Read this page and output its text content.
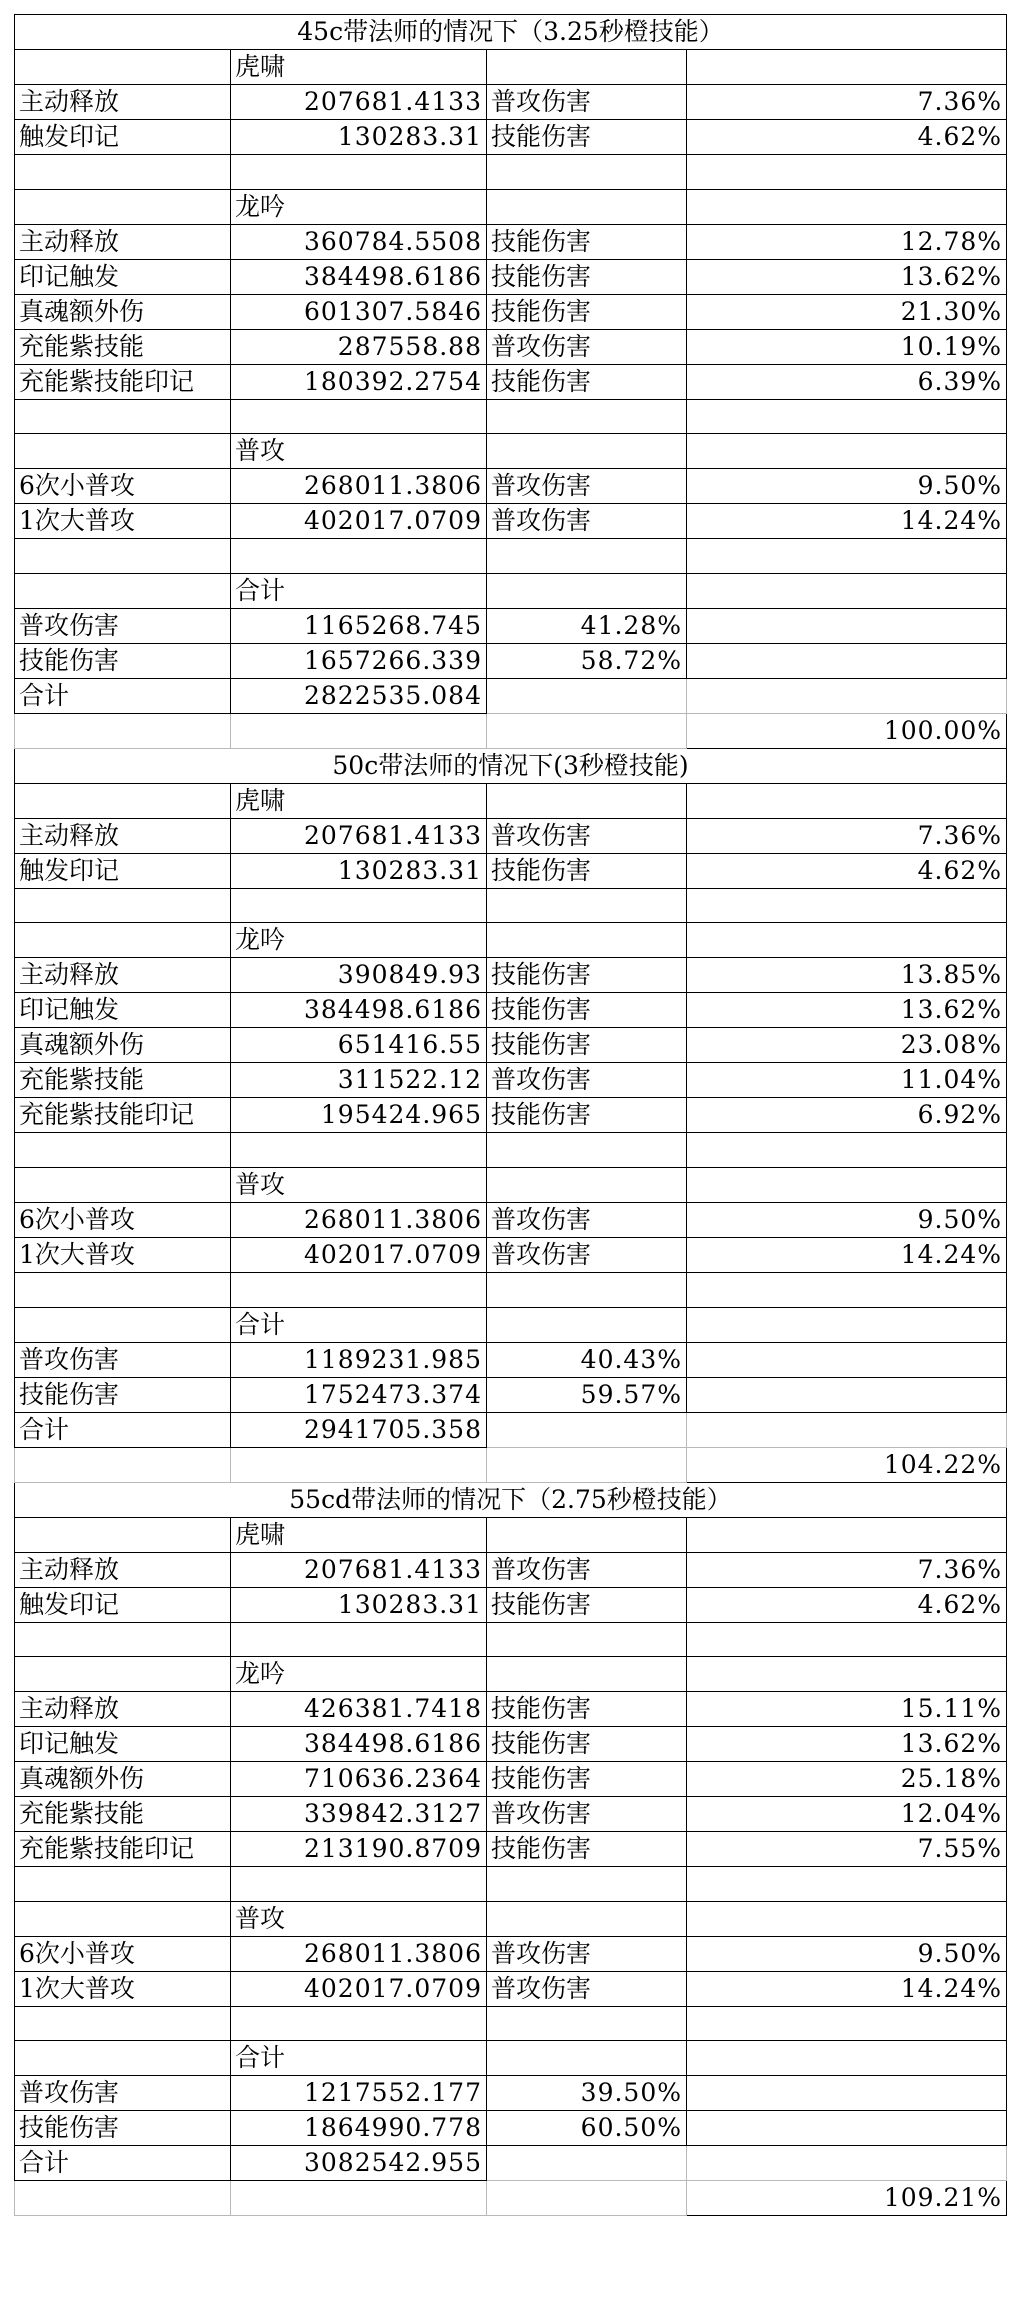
45c带法师的情况下（3.25秒橙技能）			
	虎啸		
主动释放	207681.4133	普攻伤害	7.36%
触发印记	130283.31	技能伤害	4.62%

	龙吟		
主动释放	360784.5508	技能伤害	12.78%
印记触发	384498.6186	技能伤害	13.62%
真魂额外伤	601307.5846	技能伤害	21.30%
充能紫技能	287558.88	普攻伤害	10.19%
充能紫技能印记	180392.2754	技能伤害	6.39%

	普攻		
6次小普攻	268011.3806	普攻伤害	9.50%
1次大普攻	402017.0709	普攻伤害	14.24%

	合计		
普攻伤害	1165268.745	41.28%	
技能伤害	1657266.339	58.72%	
合计	2822535.084		
			100.00%
50c带法师的情况下(3秒橙技能)			
	虎啸		
主动释放	207681.4133	普攻伤害	7.36%
触发印记	130283.31	技能伤害	4.62%

	龙吟		
主动释放	390849.93	技能伤害	13.85%
印记触发	384498.6186	技能伤害	13.62%
真魂额外伤	651416.55	技能伤害	23.08%
充能紫技能	311522.12	普攻伤害	11.04%
充能紫技能印记	195424.965	技能伤害	6.92%

	普攻		
6次小普攻	268011.3806	普攻伤害	9.50%
1次大普攻	402017.0709	普攻伤害	14.24%

	合计		
普攻伤害	1189231.985	40.43%	
技能伤害	1752473.374	59.57%	
合计	2941705.358		
			104.22%
55cd带法师的情况下（2.75秒橙技能）			
	虎啸		
主动释放	207681.4133	普攻伤害	7.36%
触发印记	130283.31	技能伤害	4.62%

	龙吟		
主动释放	426381.7418	技能伤害	15.11%
印记触发	384498.6186	技能伤害	13.62%
真魂额外伤	710636.2364	技能伤害	25.18%
充能紫技能	339842.3127	普攻伤害	12.04%
充能紫技能印记	213190.8709	技能伤害	7.55%

	普攻		
6次小普攻	268011.3806	普攻伤害	9.50%
1次大普攻	402017.0709	普攻伤害	14.24%

	合计		
普攻伤害	1217552.177	39.50%	
技能伤害	1864990.778	60.50%	
合计	3082542.955		
			109.21%
